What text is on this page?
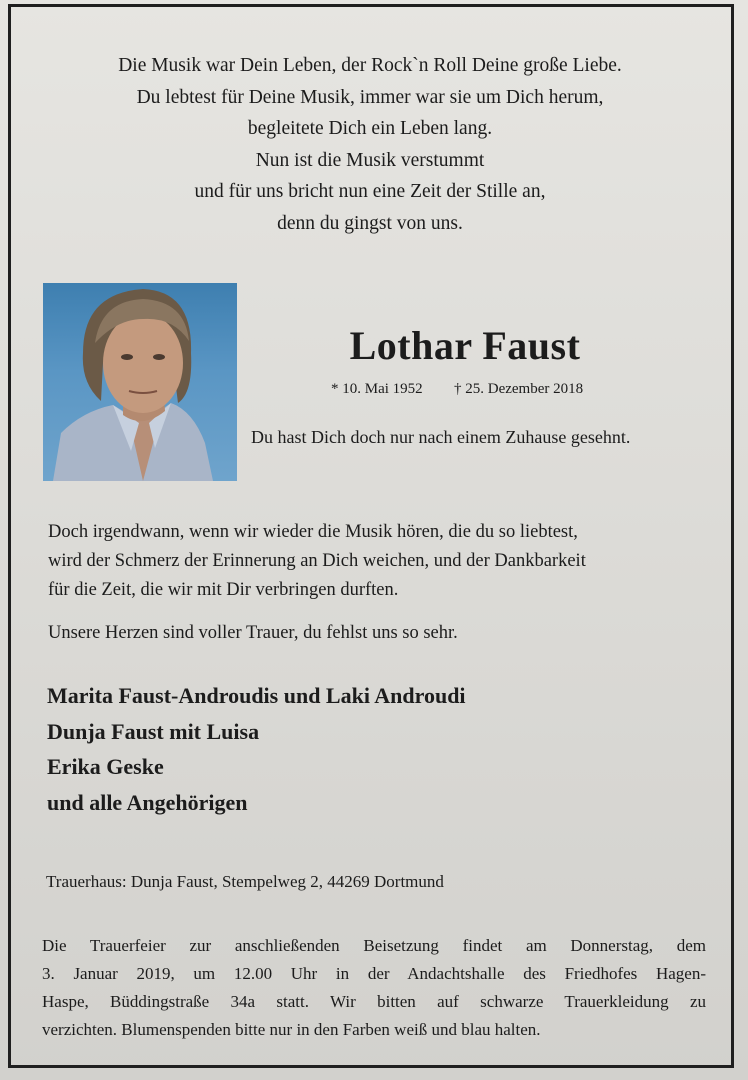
Die Musik war Dein Leben, der Rock`n Roll Deine große Liebe.
Du lebtest für Deine Musik, immer war sie um Dich herum,
begleitete Dich ein Leben lang.
Nun ist die Musik verstummt
und für uns bricht nun eine Zeit der Stille an,
denn du gingst von uns.
Lothar Faust
* 10. Mai 1952 † 25. Dezember 2018
Du hast Dich doch nur nach einem Zuhause gesehnt.
Doch irgendwann, wenn wir wieder die Musik hören, die du so liebtest,
wird der Schmerz der Erinnerung an Dich weichen, und der Dankbarkeit
für die Zeit, die wir mit Dir verbringen durften.
Unsere Herzen sind voller Trauer, du fehlst uns so sehr.
Marita Faust-Androudis und Laki Androudi
Dunja Faust mit Luisa
Erika Geske
und alle Angehörigen
Trauerhaus: Dunja Faust, Stempelweg 2, 44269 Dortmund
Die Trauerfeier zur anschließenden Beisetzung findet am Donnerstag, dem
3. Januar 2019, um 12.00 Uhr in der Andachtshalle des Friedhofes Hagen-
Haspe, Büddingstraße 34a statt. Wir bitten auf schwarze Trauerkleidung zu
verzichten. Blumenspenden bitte nur in den Farben weiß und blau halten.
